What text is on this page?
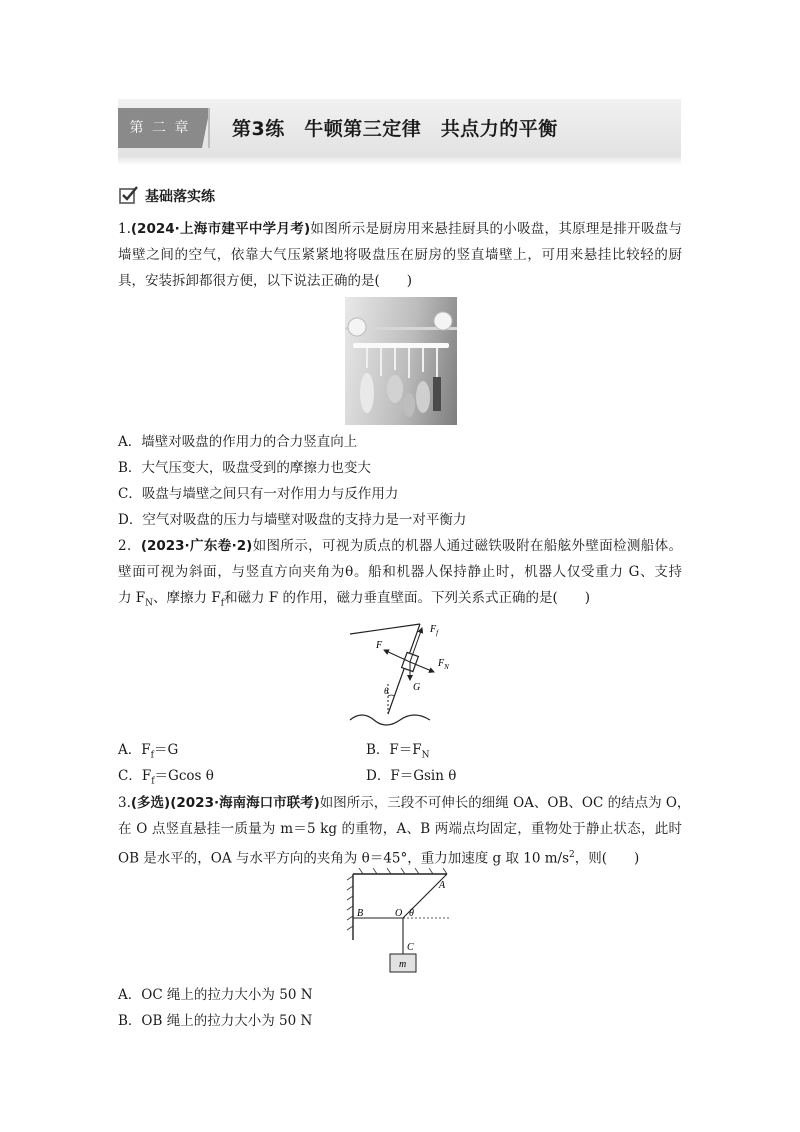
第 二 章	第3练　牛顿第三定律　共点力的平衡
基础落实练
1.(2024·上海市建平中学月考)如图所示是厨房用来悬挂厨具的小吸盘，其原理是排开吸盘与
墙壁之间的空气，依靠大气压紧紧地将吸盘压在厨房的竖直墙壁上，可用来悬挂比较轻的厨
具，安装拆卸都很方便，以下说法正确的是(　　)
A．墙壁对吸盘的作用力的合力竖直向上
B．大气压变大，吸盘受到的摩擦力也变大
C．吸盘与墙壁之间只有一对作用力与反作用力
D．空气对吸盘的压力与墙壁对吸盘的支持力是一对平衡力
2．(2023·广东卷·2)如图所示，可视为质点的机器人通过磁铁吸附在船舷外壁面检测船体。
壁面可视为斜面，与竖直方向夹角为θ。船和机器人保持静止时，机器人仅受重力 G、支持
力 $F_N$、摩擦力 $F_f$和磁力 F 的作用，磁力垂直壁面。下列关系式正确的是(　　)
$F_f$
F
$F_N$
G
θ
A．$F_f=G$	B．$F=F_N$
C．$F_f=Gcos$ θ	D．F＝Gsin θ
3.(多选)(2023·海南海口市联考)如图所示，三段不可伸长的细绳 OA、OB、OC 的结点为 O，
在 O 点竖直悬挂一质量为 m＝5 kg 的重物，A、B 两端点均固定，重物处于静止状态，此时
OB 是水平的，OA 与水平方向的夹角为 θ＝45°，重力加速度 g 取 10 $m/s^2$，则(　　)
A
B	O θ
C
m
A．OC 绳上的拉力大小为 50 N
B．OB 绳上的拉力大小为 50 N
